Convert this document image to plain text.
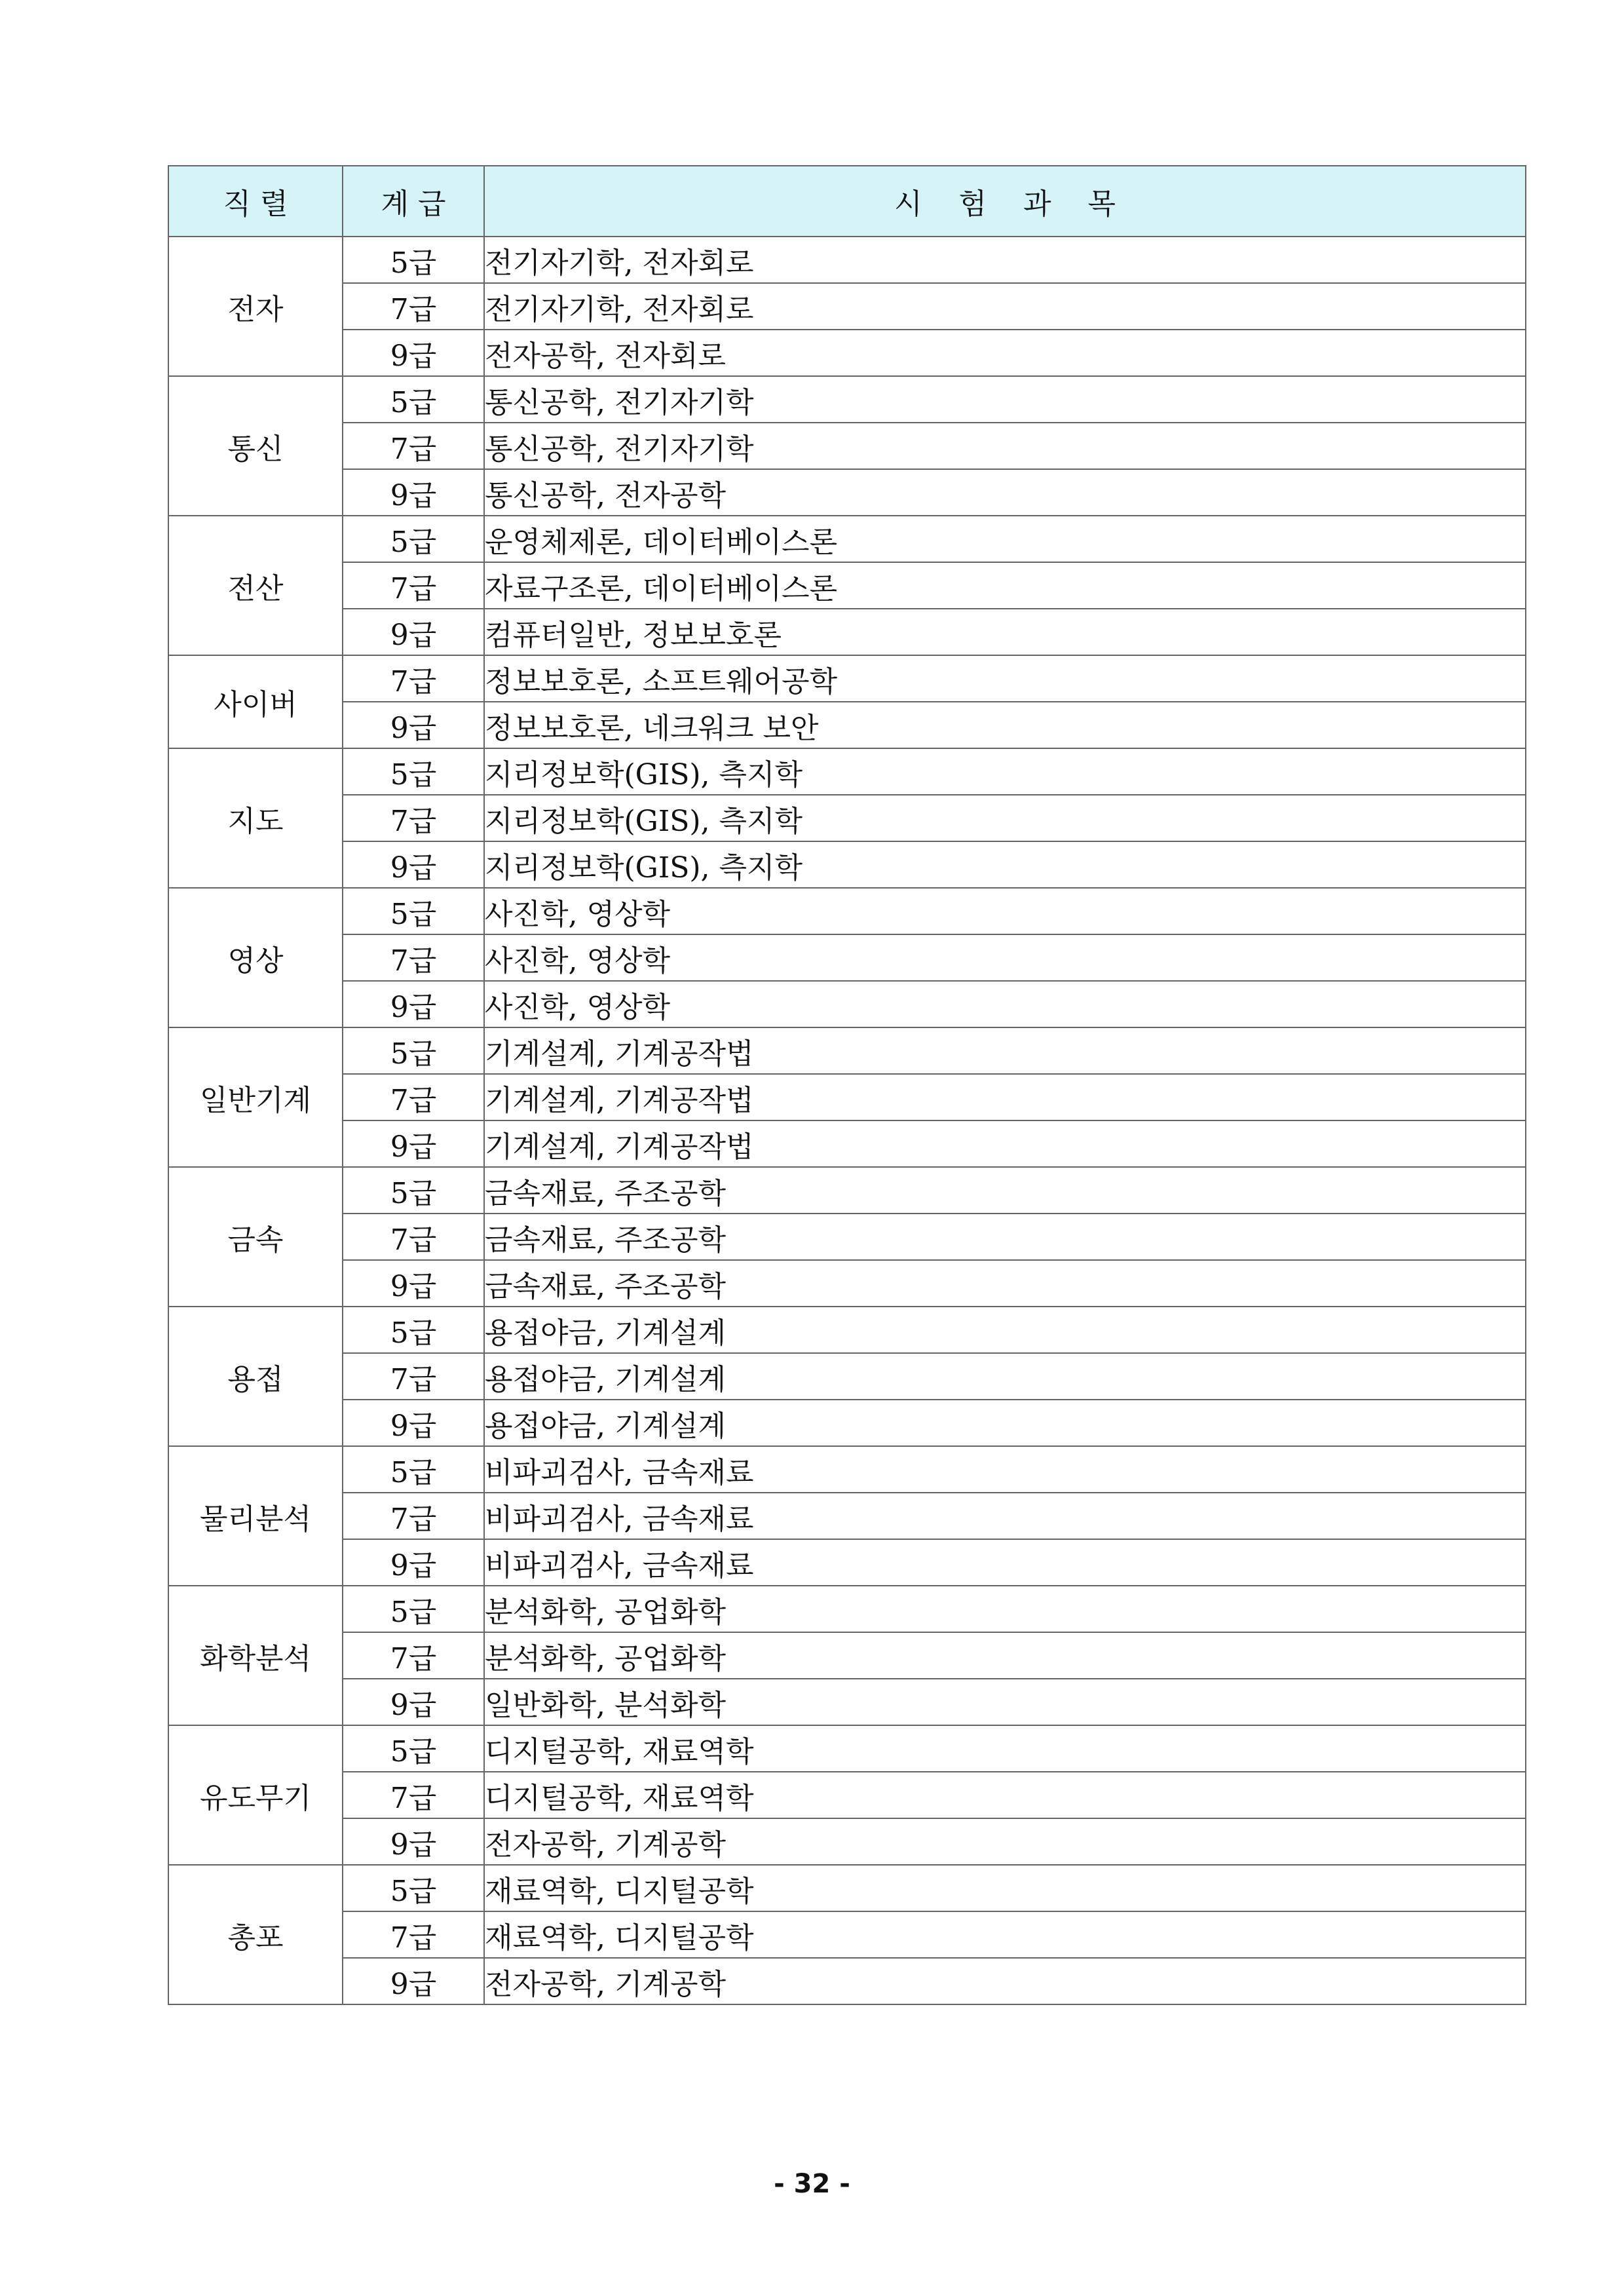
직 렬	계 급	시    험    과    목
전자	5급	전기자기학, 전자회로
	7급	전기자기학, 전자회로
	9급	전자공학, 전자회로
통신	5급	통신공학, 전기자기학
	7급	통신공학, 전기자기학
	9급	통신공학, 전자공학
전산	5급	운영체제론, 데이터베이스론
	7급	자료구조론, 데이터베이스론
	9급	컴퓨터일반, 정보보호론
사이버	7급	정보보호론, 소프트웨어공학
	9급	정보보호론, 네크워크 보안
지도	5급	지리정보학(GIS), 측지학
	7급	지리정보학(GIS), 측지학
	9급	지리정보학(GIS), 측지학
영상	5급	사진학, 영상학
	7급	사진학, 영상학
	9급	사진학, 영상학
일반기계	5급	기계설계, 기계공작법
	7급	기계설계, 기계공작법
	9급	기계설계, 기계공작법
금속	5급	금속재료, 주조공학
	7급	금속재료, 주조공학
	9급	금속재료, 주조공학
용접	5급	용접야금, 기계설계
	7급	용접야금, 기계설계
	9급	용접야금, 기계설계
물리분석	5급	비파괴검사, 금속재료
	7급	비파괴검사, 금속재료
	9급	비파괴검사, 금속재료
화학분석	5급	분석화학, 공업화학
	7급	분석화학, 공업화학
	9급	일반화학, 분석화학
유도무기	5급	디지털공학, 재료역학
	7급	디지털공학, 재료역학
	9급	전자공학, 기계공학
총포	5급	재료역학, 디지털공학
	7급	재료역학, 디지털공학
	9급	전자공학, 기계공학
- 32 -
